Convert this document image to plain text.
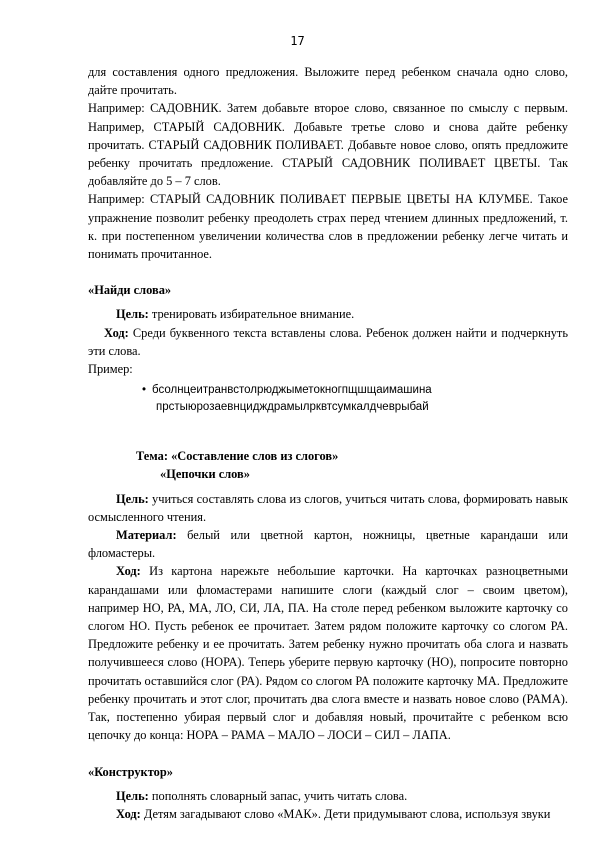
17

для составления одного предложения. Выложите перед ребенком сначала одно слово, дайте прочитать.

Например: САДОВНИК. Затем добавьте второе слово, связанное по смыслу с первым. Например, СТАРЫЙ САДОВНИК. Добавьте третье слово и снова дайте ребенку прочитать. СТАРЫЙ САДОВНИК ПОЛИВАЕТ. Добавьте новое слово, опять предложите ребенку прочитать предложение. СТАРЫЙ САДОВНИК ПОЛИВАЕТ ЦВЕТЫ. Так добавляйте до 5 – 7 слов.

Например: СТАРЫЙ САДОВНИК ПОЛИВАЕТ ПЕРВЫЕ ЦВЕТЫ НА КЛУМБЕ. Такое упражнение позволит ребенку преодолеть страх перед чтением длинных предложений, т. к. при постепенном увеличении количества слов в предложении ребенку легче читать и понимать прочитанное.

«Найди слова»

Цель: тренировать избирательное внимание.

Ход: Среди буквенного текста вставлены слова. Ребенок должен найти и подчеркнуть эти слова.

Пример:

• бсолнцеитранвстолрюджыметокногпщшщаимашина
прстыюрозаевнцидждрамылрквтсумкалдчеврыбай

Тема: «Составление слов из слогов»

«Цепочки слов»

Цель: учиться составлять слова из слогов, учиться читать слова, формировать навык осмысленного чтения.

Материал: белый или цветной картон, ножницы, цветные карандаши или фломастеры.

Ход: Из картона нарежьте небольшие карточки. На карточках разноцветными карандашами или фломастерами напишите слоги (каждый слог – своим цветом), например НО, РА, МА, ЛО, СИ, ЛА, ПА. На столе перед ребенком выложите карточку со слогом НО. Пусть ребенок ее прочитает. Затем рядом положите карточку со слогом РА. Предложите ребенку и ее прочитать. Затем ребенку нужно прочитать оба слога и назвать получившееся слово (НОРА). Теперь уберите первую карточку (НО), попросите повторно прочитать оставшийся слог (РА). Рядом со слогом РА положите карточку МА. Предложите ребенку прочитать и этот слог, прочитать два слога вместе и назвать новое слово (РАМА). Так, постепенно убирая первый слог и добавляя новый, прочитайте с ребенком всю цепочку до конца: НОРА – РАМА – МАЛО – ЛОСИ – СИЛ – ЛАПА.

«Конструктор»

Цель: пополнять словарный запас, учить читать слова.

Ход: Детям загадывают слово «МАК». Дети придумывают слова, используя звуки
